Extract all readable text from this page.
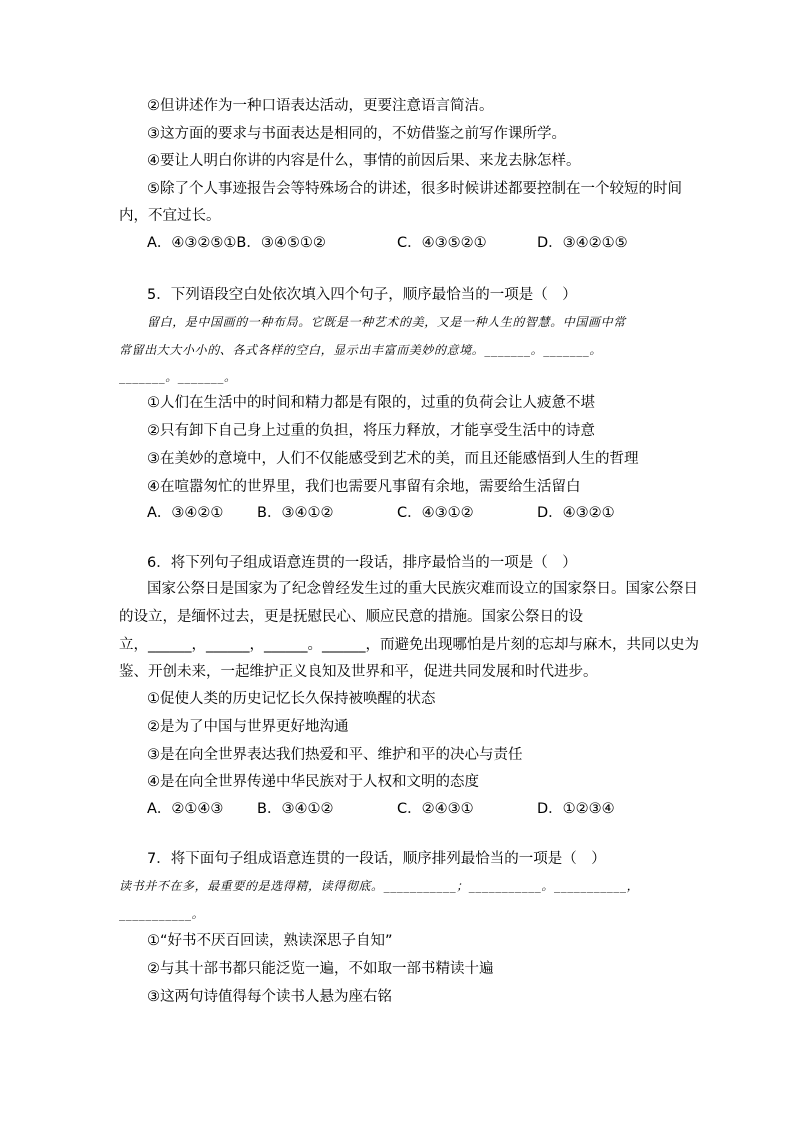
②但讲述作为一种口语表达活动，更要注意语言简洁。
③这方面的要求与书面表达是相同的，不妨借鉴之前写作课所学。
④要让人明白你讲的内容是什么，事情的前因后果、来龙去脉怎样。
⑤除了个人事迹报告会等特殊场合的讲述，很多时候讲述都要控制在一个较短的时间
内，不宜过长。
A．④③②⑤①B．③④⑤①②	C．④③⑤②①	D．③④②①⑤
5．下列语段空白处依次填入四个句子，顺序最恰当的一项是（　）
留白，是中国画的一种布局。它既是一种艺术的美，又是一种人生的智慧。中国画中常
常留出大大小小的、各式各样的空白，显示出丰富而美妙的意境。_______。_______。
_______。_______。
①人们在生活中的时间和精力都是有限的，过重的负荷会让人疲惫不堪
②只有卸下自己身上过重的负担，将压力释放，才能享受生活中的诗意
③在美妙的意境中，人们不仅能感受到艺术的美，而且还能感悟到人生的哲理
④在喧嚣匆忙的世界里，我们也需要凡事留有余地，需要给生活留白
A．③④②① B．③④①②	C．④③①②	D．④③②①
6．将下列句子组成语意连贯的一段话，排序最恰当的一项是（　）
国家公祭日是国家为了纪念曾经发生过的重大民族灾难而设立的国家祭日。国家公祭日
的设立，是缅怀过去，更是抚慰民心、顺应民意的措施。国家公祭日的设
立，______，______，______。______，而避免出现哪怕是片刻的忘却与麻木，共同以史为
鉴、开创未来，一起维护正义良知及世界和平，促进共同发展和时代进步。
①促使人类的历史记忆长久保持被唤醒的状态
②是为了中国与世界更好地沟通
③是在向全世界表达我们热爱和平、维护和平的决心与责任
④是在向全世界传递中华民族对于人权和文明的态度
A．②①④③ B．③④①②	C．②④③①	D．①②③④
7．将下面句子组成语意连贯的一段话，顺序排列最恰当的一项是（　）
读书并不在多，最重要的是选得精，读得彻底。___________；___________。___________，
___________。
①“好书不厌百回读，熟读深思子自知”
②与其十部书都只能泛览一遍，不如取一部书精读十遍
③这两句诗值得每个读书人悬为座右铭
